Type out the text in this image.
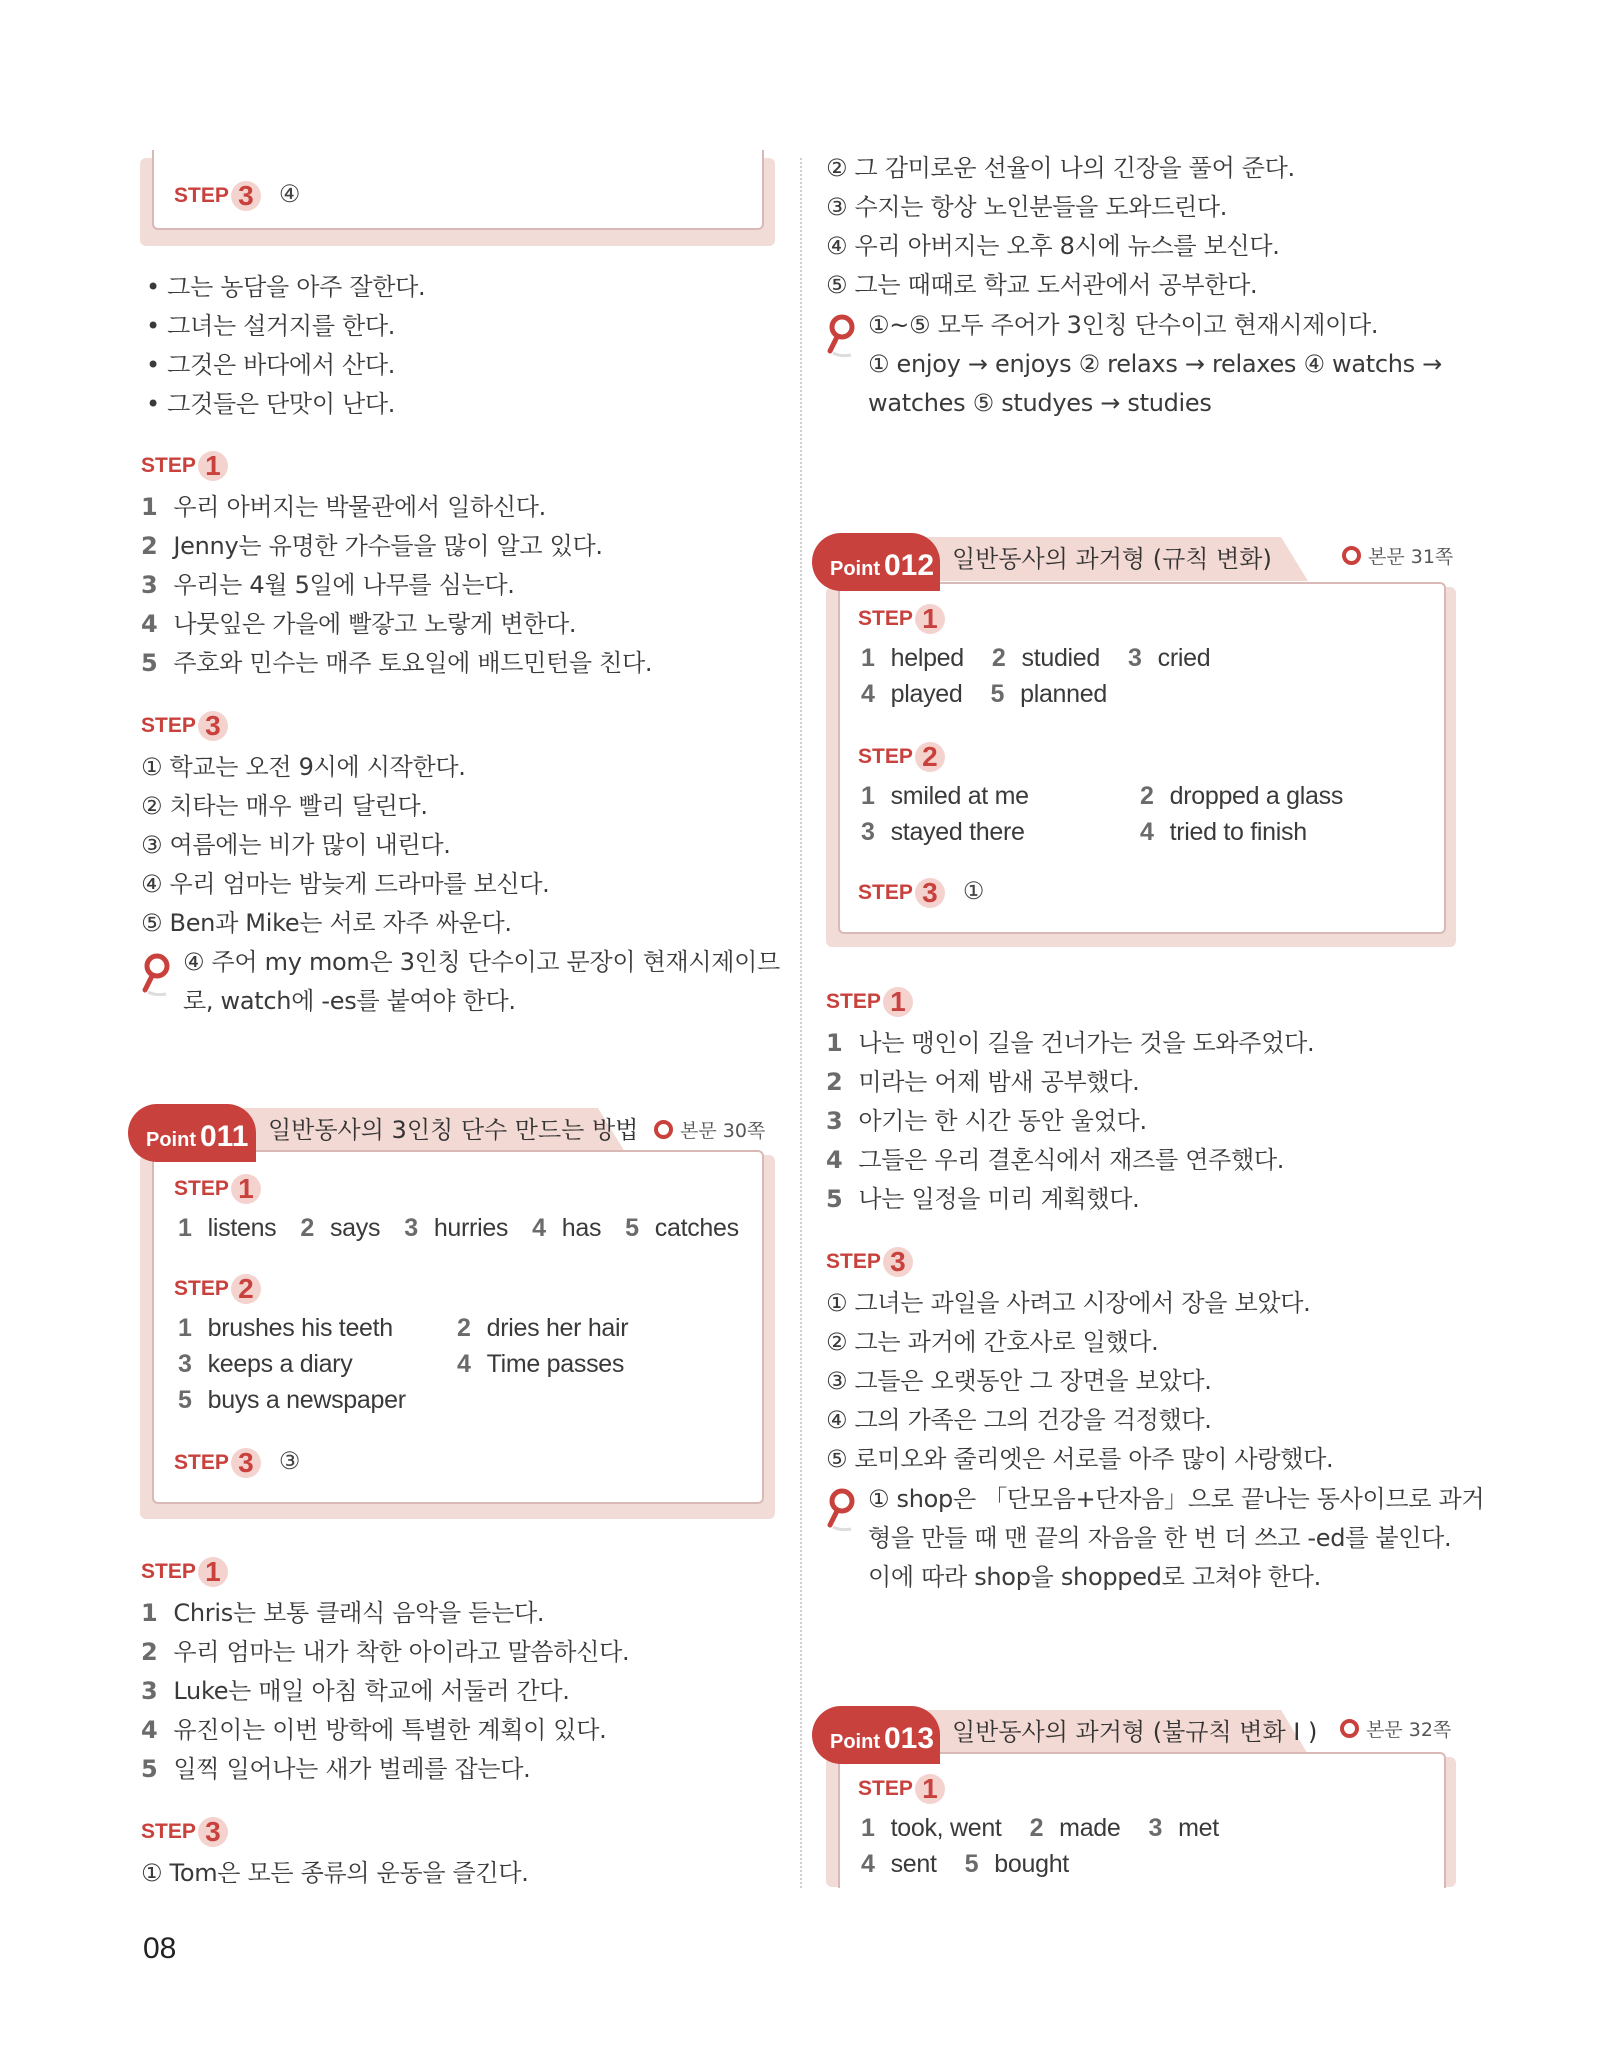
STEP 3 ④
• 그는 농담을 아주 잘한다.
• 그녀는 설거지를 한다.
• 그것은 바다에서 산다.
• 그것들은 단맛이 난다.
STEP 1
1 우리 아버지는 박물관에서 일하신다.
2 Jenny는 유명한 가수들을 많이 알고 있다.
3 우리는 4월 5일에 나무를 심는다.
4 나뭇잎은 가을에 빨갛고 노랗게 변한다.
5 주호와 민수는 매주 토요일에 배드민턴을 친다.
STEP 3
① 학교는 오전 9시에 시작한다.
② 치타는 매우 빨리 달린다.
③ 여름에는 비가 많이 내린다.
④ 우리 엄마는 밤늦게 드라마를 보신다.
⑤ Ben과 Mike는 서로 자주 싸운다.
④ 주어 my mom은 3인칭 단수이고 문장이 현재시제이므
로, watch에 -es를 붙여야 한다.
Point 011 일반동사의 3인칭 단수 만드는 방법	본문 30쪽
STEP 1
1 listens 2 says 3 hurries 4 has 5 catches
STEP 2
1 brushes his teeth	2 dries her hair
3 keeps a diary	4 Time passes
5 buys a newspaper
STEP 3 ③
STEP 1
1 Chris는 보통 클래식 음악을 듣는다.
2 우리 엄마는 내가 착한 아이라고 말씀하신다.
3 Luke는 매일 아침 학교에 서둘러 간다.
4 유진이는 이번 방학에 특별한 계획이 있다.
5 일찍 일어나는 새가 벌레를 잡는다.
STEP 3
① Tom은 모든 종류의 운동을 즐긴다.
08
② 그 감미로운 선율이 나의 긴장을 풀어 준다.
③ 수지는 항상 노인분들을 도와드린다.
④ 우리 아버지는 오후 8시에 뉴스를 보신다.
⑤ 그는 때때로 학교 도서관에서 공부한다.
①~⑤ 모두 주어가 3인칭 단수이고 현재시제이다.
① enjoy → enjoys ② relaxs → relaxes ④ watchs →
watches ⑤ studyes → studies
Point 012 일반동사의 과거형 (규칙 변화)	본문 31쪽
STEP 1
1 helped 2 studied 3 cried
4 played 5 planned
STEP 2
1 smiled at me	2 dropped a glass
3 stayed there	4 tried to finish
STEP 3 ①
STEP 1
1 나는 맹인이 길을 건너가는 것을 도와주었다.
2 미라는 어제 밤새 공부했다.
3 아기는 한 시간 동안 울었다.
4 그들은 우리 결혼식에서 재즈를 연주했다.
5 나는 일정을 미리 계획했다.
STEP 3
① 그녀는 과일을 사려고 시장에서 장을 보았다.
② 그는 과거에 간호사로 일했다.
③ 그들은 오랫동안 그 장면을 보았다.
④ 그의 가족은 그의 건강을 걱정했다.
⑤ 로미오와 줄리엣은 서로를 아주 많이 사랑했다.
① shop은 「단모음+단자음」으로 끝나는 동사이므로 과거
형을 만들 때 맨 끝의 자음을 한 번 더 쓰고 -ed를 붙인다.
이에 따라 shop을 shopped로 고쳐야 한다.
Point 013 일반동사의 과거형 (불규칙 변화 I )	본문 32쪽
STEP 1
1 took, went 2 made 3 met
4 sent 5 bought
